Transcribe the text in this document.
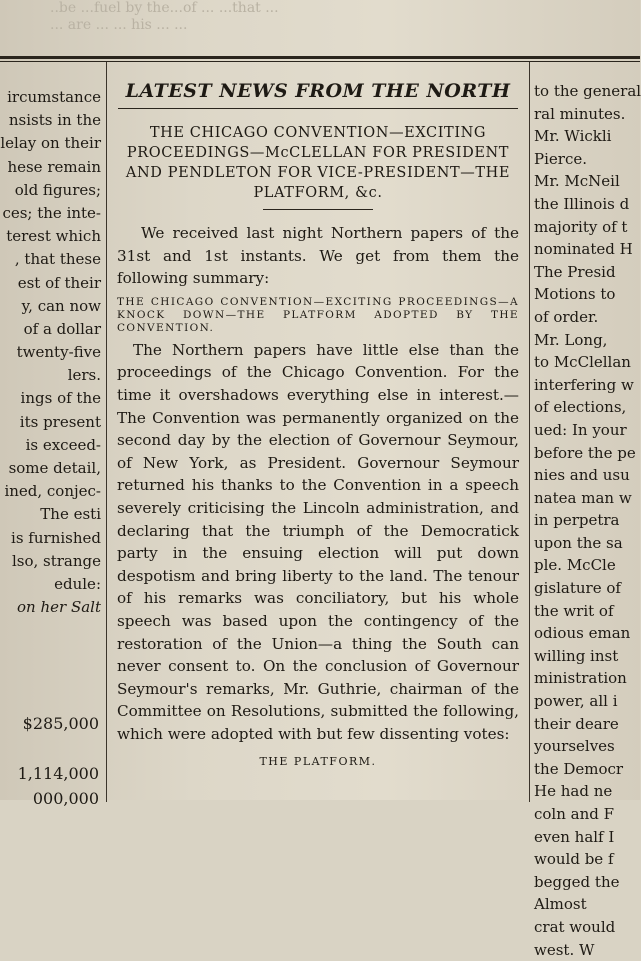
..be ...fuel by the...of ... ...that ...
... are ... ... his ... ...
ircumstance
nsists in the
lelay on their
hese remain
old figures;
ces; the inte-
terest which
, that these
est of their
y, can now
of a dollar
twenty-five
lers.
ings of the
its present
is exceed-
some detail,
ined, conjec-
The esti
is furnished
lso, strange
edule:
on her Salt
$285,000
1,114,000
000,000
LATEST NEWS FROM THE NORTH
THE CHICAGO CONVENTION—EXCITING PROCEEDINGS—McCLELLAN FOR PRESIDENT AND PENDLETON FOR VICE-PRESIDENT—THE PLATFORM, &c.
We received last night Northern papers of the 31st and 1st instants. We get from them the following summary:
THE CHICAGO CONVENTION—EXCITING PROCEEDINGS—A KNOCK DOWN—THE PLATFORM ADOPTED BY THE CONVENTION.
The Northern papers have little else than the proceedings of the Chicago Convention. For the time it overshadows everything else in interest.—The Convention was permanently organized on the second day by the election of Governour Seymour, of New York, as President. Governour Seymour returned his thanks to the Convention in a speech severely criticising the Lincoln administration, and declaring that the triumph of the Democratick party in the ensuing election will put down despotism and bring liberty to the land. The tenour of his remarks was conciliatory, but his whole speech was based upon the contingency of the restoration of the Union—a thing the South can never consent to. On the conclusion of Governour Seymour's remarks, Mr. Guthrie, chairman of the Committee on Resolutions, submitted the following, which were adopted with but few dissenting votes:
THE PLATFORM.
to the general
ral minutes.
Mr. Wickli
Pierce.
Mr. McNeil
the Illinois d
majority of t
nominated H
The Presid
Motions to
of order.
Mr. Long,
to McClellan
interfering w
of elections,
ued: In your
before the pe
nies and usu
natea man w
in perpetra
upon the sa
ple. McCle
gislature of
the writ of
odious eman
willing inst
ministration
power, all i
their deare
yourselves
the Democr
He had ne
coln and F
even half I
would be f
begged the
Almost
crat would
west. W
